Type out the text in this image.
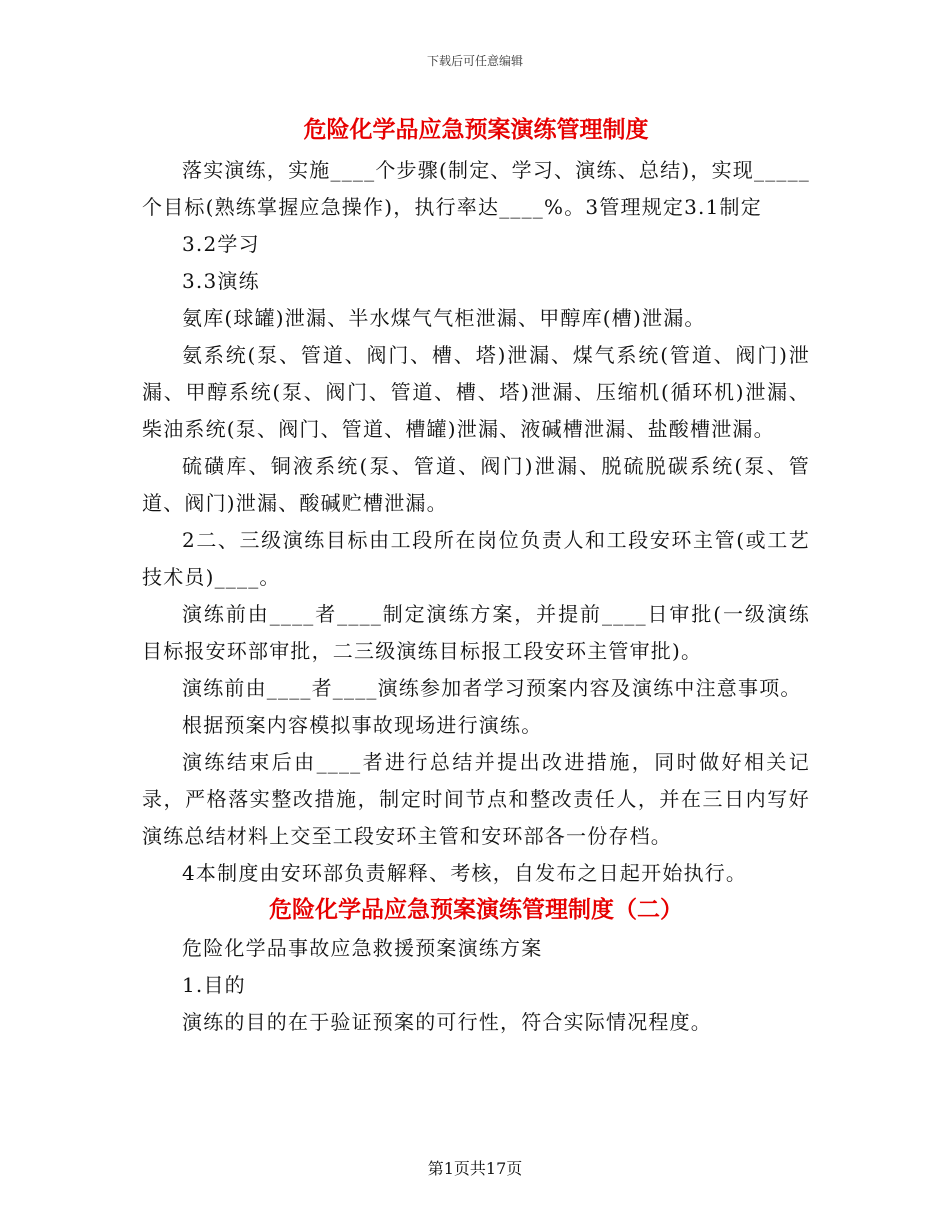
下载后可任意编辑
危险化学品应急预案演练管理制度

落实演练，实施____个步骤(制定、学习、演练、总结)，实现_____个目标(熟练掌握应急操作)，执行率达____%。3管理规定3.1制定

3.2学习

3.3演练

氨库(球罐)泄漏、半水煤气气柜泄漏、甲醇库(槽)泄漏。

氨系统(泵、管道、阀门、槽、塔)泄漏、煤气系统(管道、阀门)泄漏、甲醇系统(泵、阀门、管道、槽、塔)泄漏、压缩机(循环机)泄漏、柴油系统(泵、阀门、管道、槽罐)泄漏、液碱槽泄漏、盐酸槽泄漏。

硫磺库、铜液系统(泵、管道、阀门)泄漏、脱硫脱碳系统(泵、管道、阀门)泄漏、酸碱贮槽泄漏。

2二、三级演练目标由工段所在岗位负责人和工段安环主管(或工艺技术员)____。

演练前由____者____制定演练方案，并提前____日审批(一级演练目标报安环部审批，二三级演练目标报工段安环主管审批)。

演练前由____者____演练参加者学习预案内容及演练中注意事项。

根据预案内容模拟事故现场进行演练。

演练结束后由____者进行总结并提出改进措施，同时做好相关记录，严格落实整改措施，制定时间节点和整改责任人，并在三日内写好演练总结材料上交至工段安环主管和安环部各一份存档。

4本制度由安环部负责解释、考核，自发布之日起开始执行。

危险化学品应急预案演练管理制度（二）

危险化学品事故应急救援预案演练方案

1.目的

演练的目的在于验证预案的可行性，符合实际情况程度。

第1页共17页
